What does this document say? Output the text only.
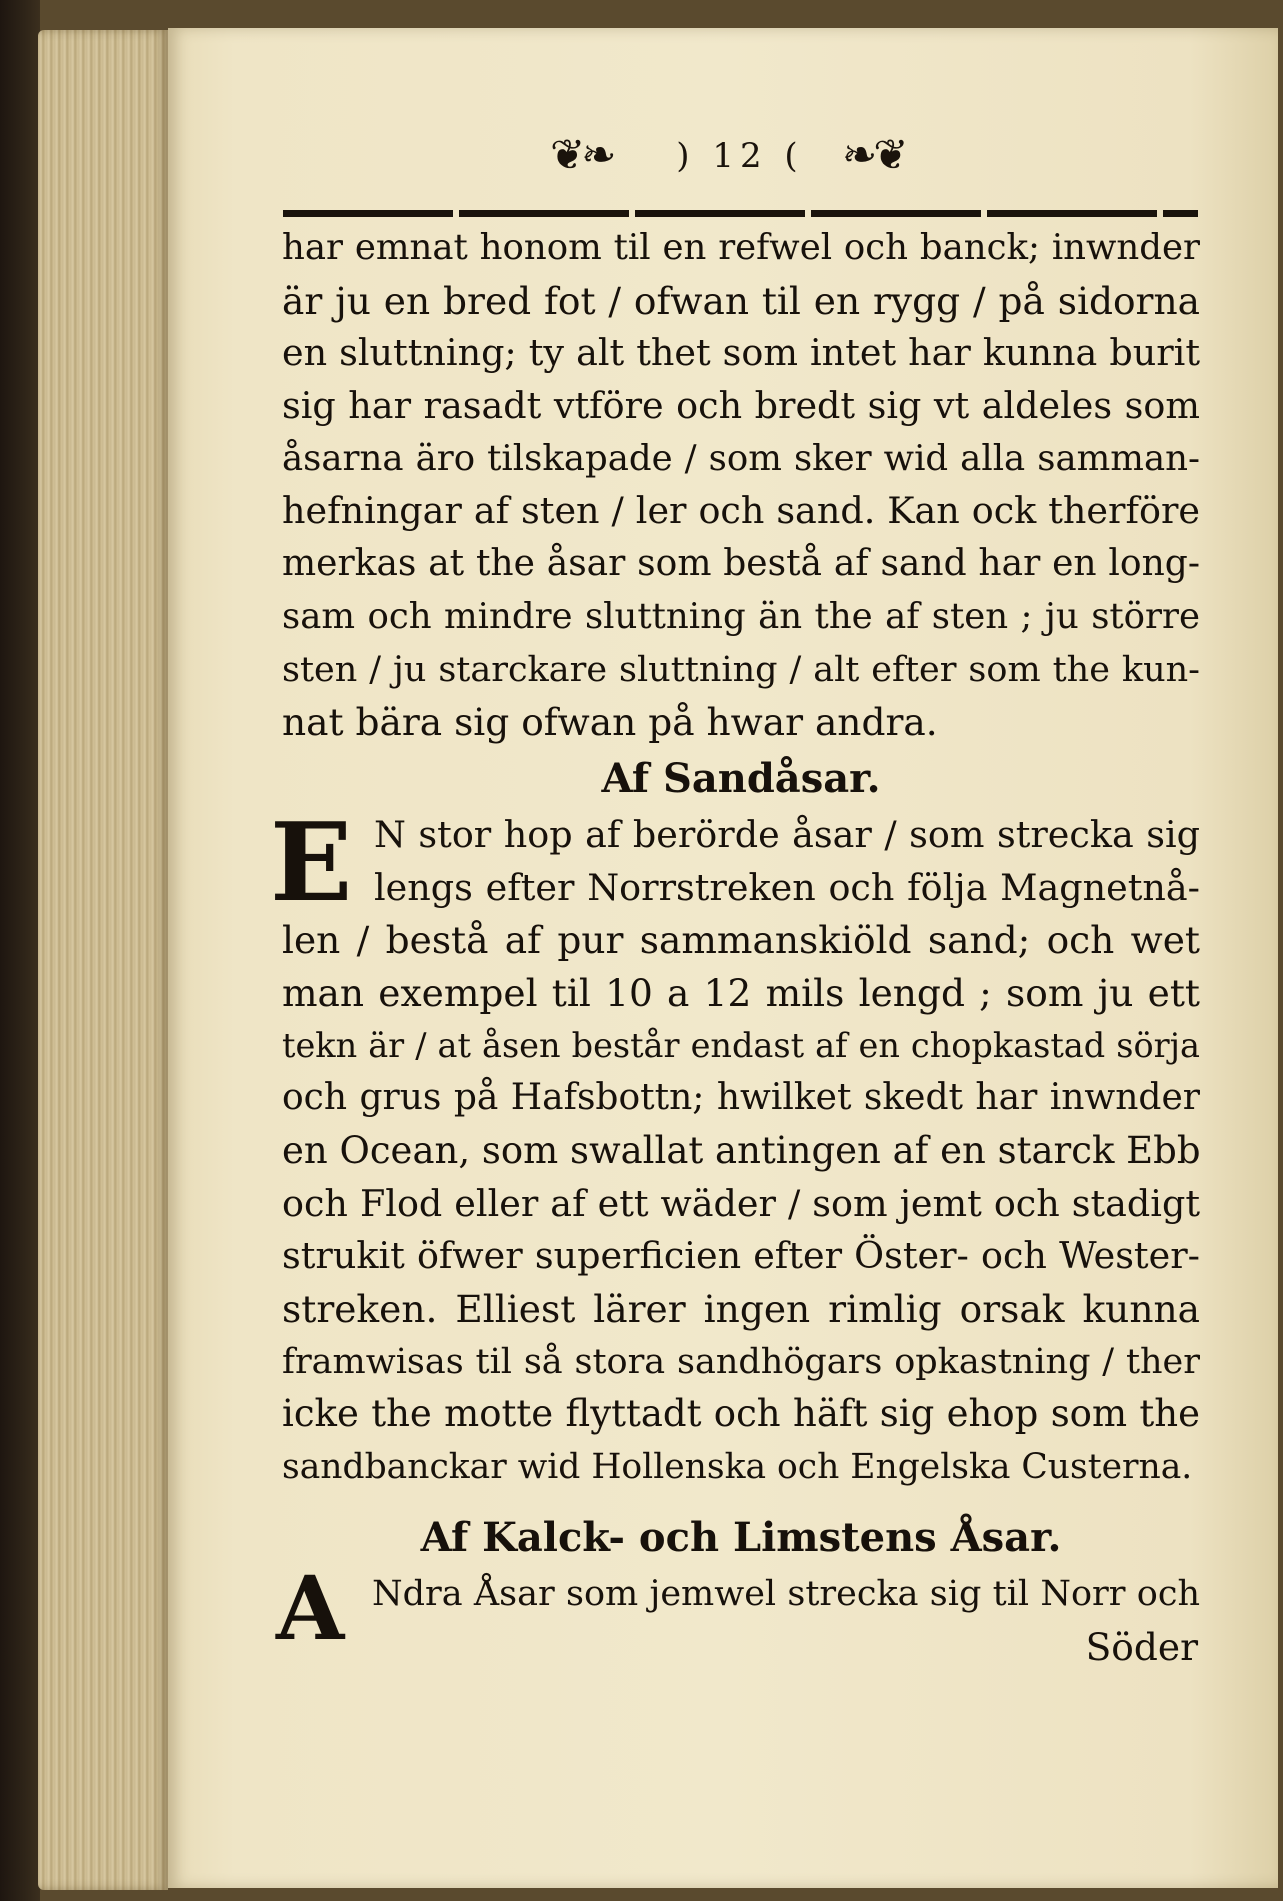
❦❧ ) 12 ( ❧❦
har emnat honom til en refwel och banck; inwnder
är ju en bred fot / ofwan til en rygg / på sidorna
en sluttning; ty alt thet som intet har kunna burit
sig har rasadt vtföre och bredt sig vt aldeles som
åsarna äro tilskapade / som sker wid alla samman-
hefningar af sten / ler och sand. Kan ock therföre
merkas at the åsar som bestå af sand har en long-
sam och mindre sluttning än the af sten ; ju större
sten / ju starckare sluttning / alt efter som the kun-
nat bära sig ofwan på hwar andra.
Af Sandåsar.
E N stor hop af berörde åsar / som strecka sig
lengs efter Norrstreken och följa Magnetnå-
len / bestå af pur sammanskiöld sand; och wet
man exempel til 10 a 12 mils lengd ; som ju ett
tekn är / at åsen består endast af en chopkastad sörja
och grus på Hafsbottn; hwilket skedt har inwnder
en Ocean, som swallat antingen af en starck Ebb
och Flod eller af ett wäder / som jemt och stadigt
strukit öfwer superficien efter Öster- och Wester-
streken. Elliest lärer ingen rimlig orsak kunna
framwisas til så stora sandhögars opkastning / ther
icke the motte flyttadt och häft sig ehop som the
sandbanckar wid Hollenska och Engelska Custerna.
Af Kalck- och Limstens Åsar.
A Ndra Åsar som jemwel strecka sig til Norr och
Söder
